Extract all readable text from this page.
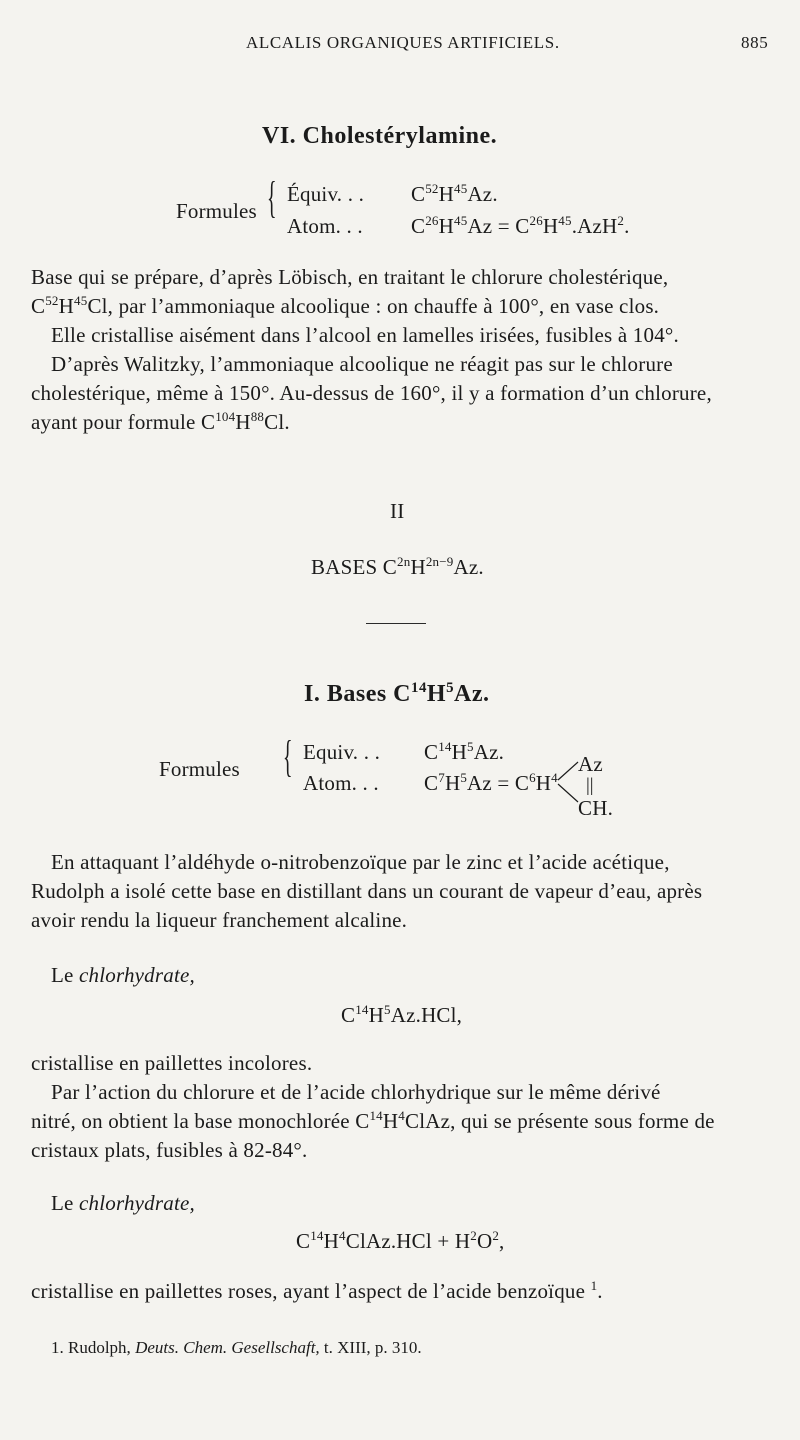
ALCALIS ORGANIQUES ARTIFICIELS.	885
VI. Cholestérylamine.
Formules { Équiv. . . $C^{52}H^{45}Az$.
Atom. . . $C^{26}H^{45}Az = C^{26}H^{45}.AzH^2$.
Base qui se prépare, d’après Löbisch, en traitant le chlorure cholestérique,
$C^{52}H^{45}Cl$, par l’ammoniaque alcoolique : on chauffe à 100°, en vase clos.
Elle cristallise aisément dans l’alcool en lamelles irisées, fusibles à 104°.
D’après Walitzky, l’ammoniaque alcoolique ne réagit pas sur le chlorure
cholestérique, même à 150°. Au-dessus de 160°, il y a formation d’un chlorure,
ayant pour formule $C^{104}H^{88}Cl$.
II
BASES $C^{2n}H^{2n-9}Az$.
I. Bases $C^{14}H^5Az$.
Formules { Equiv. . . $C^{14}H^5Az$.
Atom. . . $C^7H^5Az = C^6H^4$
Az
||
CH.
En attaquant l’aldéhyde o-nitrobenzoïque par le zinc et l’acide acétique,
Rudolph a isolé cette base en distillant dans un courant de vapeur d’eau, après
avoir rendu la liqueur franchement alcaline.
Le chlorhydrate,
$C^{14}H^5Az.HCl$,
cristallise en paillettes incolores.
Par l’action du chlorure et de l’acide chlorhydrique sur le même dérivé
nitré, on obtient la base monochlorée $C^{14}H^4ClAz$, qui se présente sous forme de
cristaux plats, fusibles à 82-84°.
Le chlorhydrate,
$C^{14}H^4ClAz.HCl + H^2O^2$,
cristallise en paillettes roses, ayant l’aspect de l’acide benzoïque $^1$.
1. Rudolph, Deuts. Chem. Gesellschaft, t. XIII, p. 310.
